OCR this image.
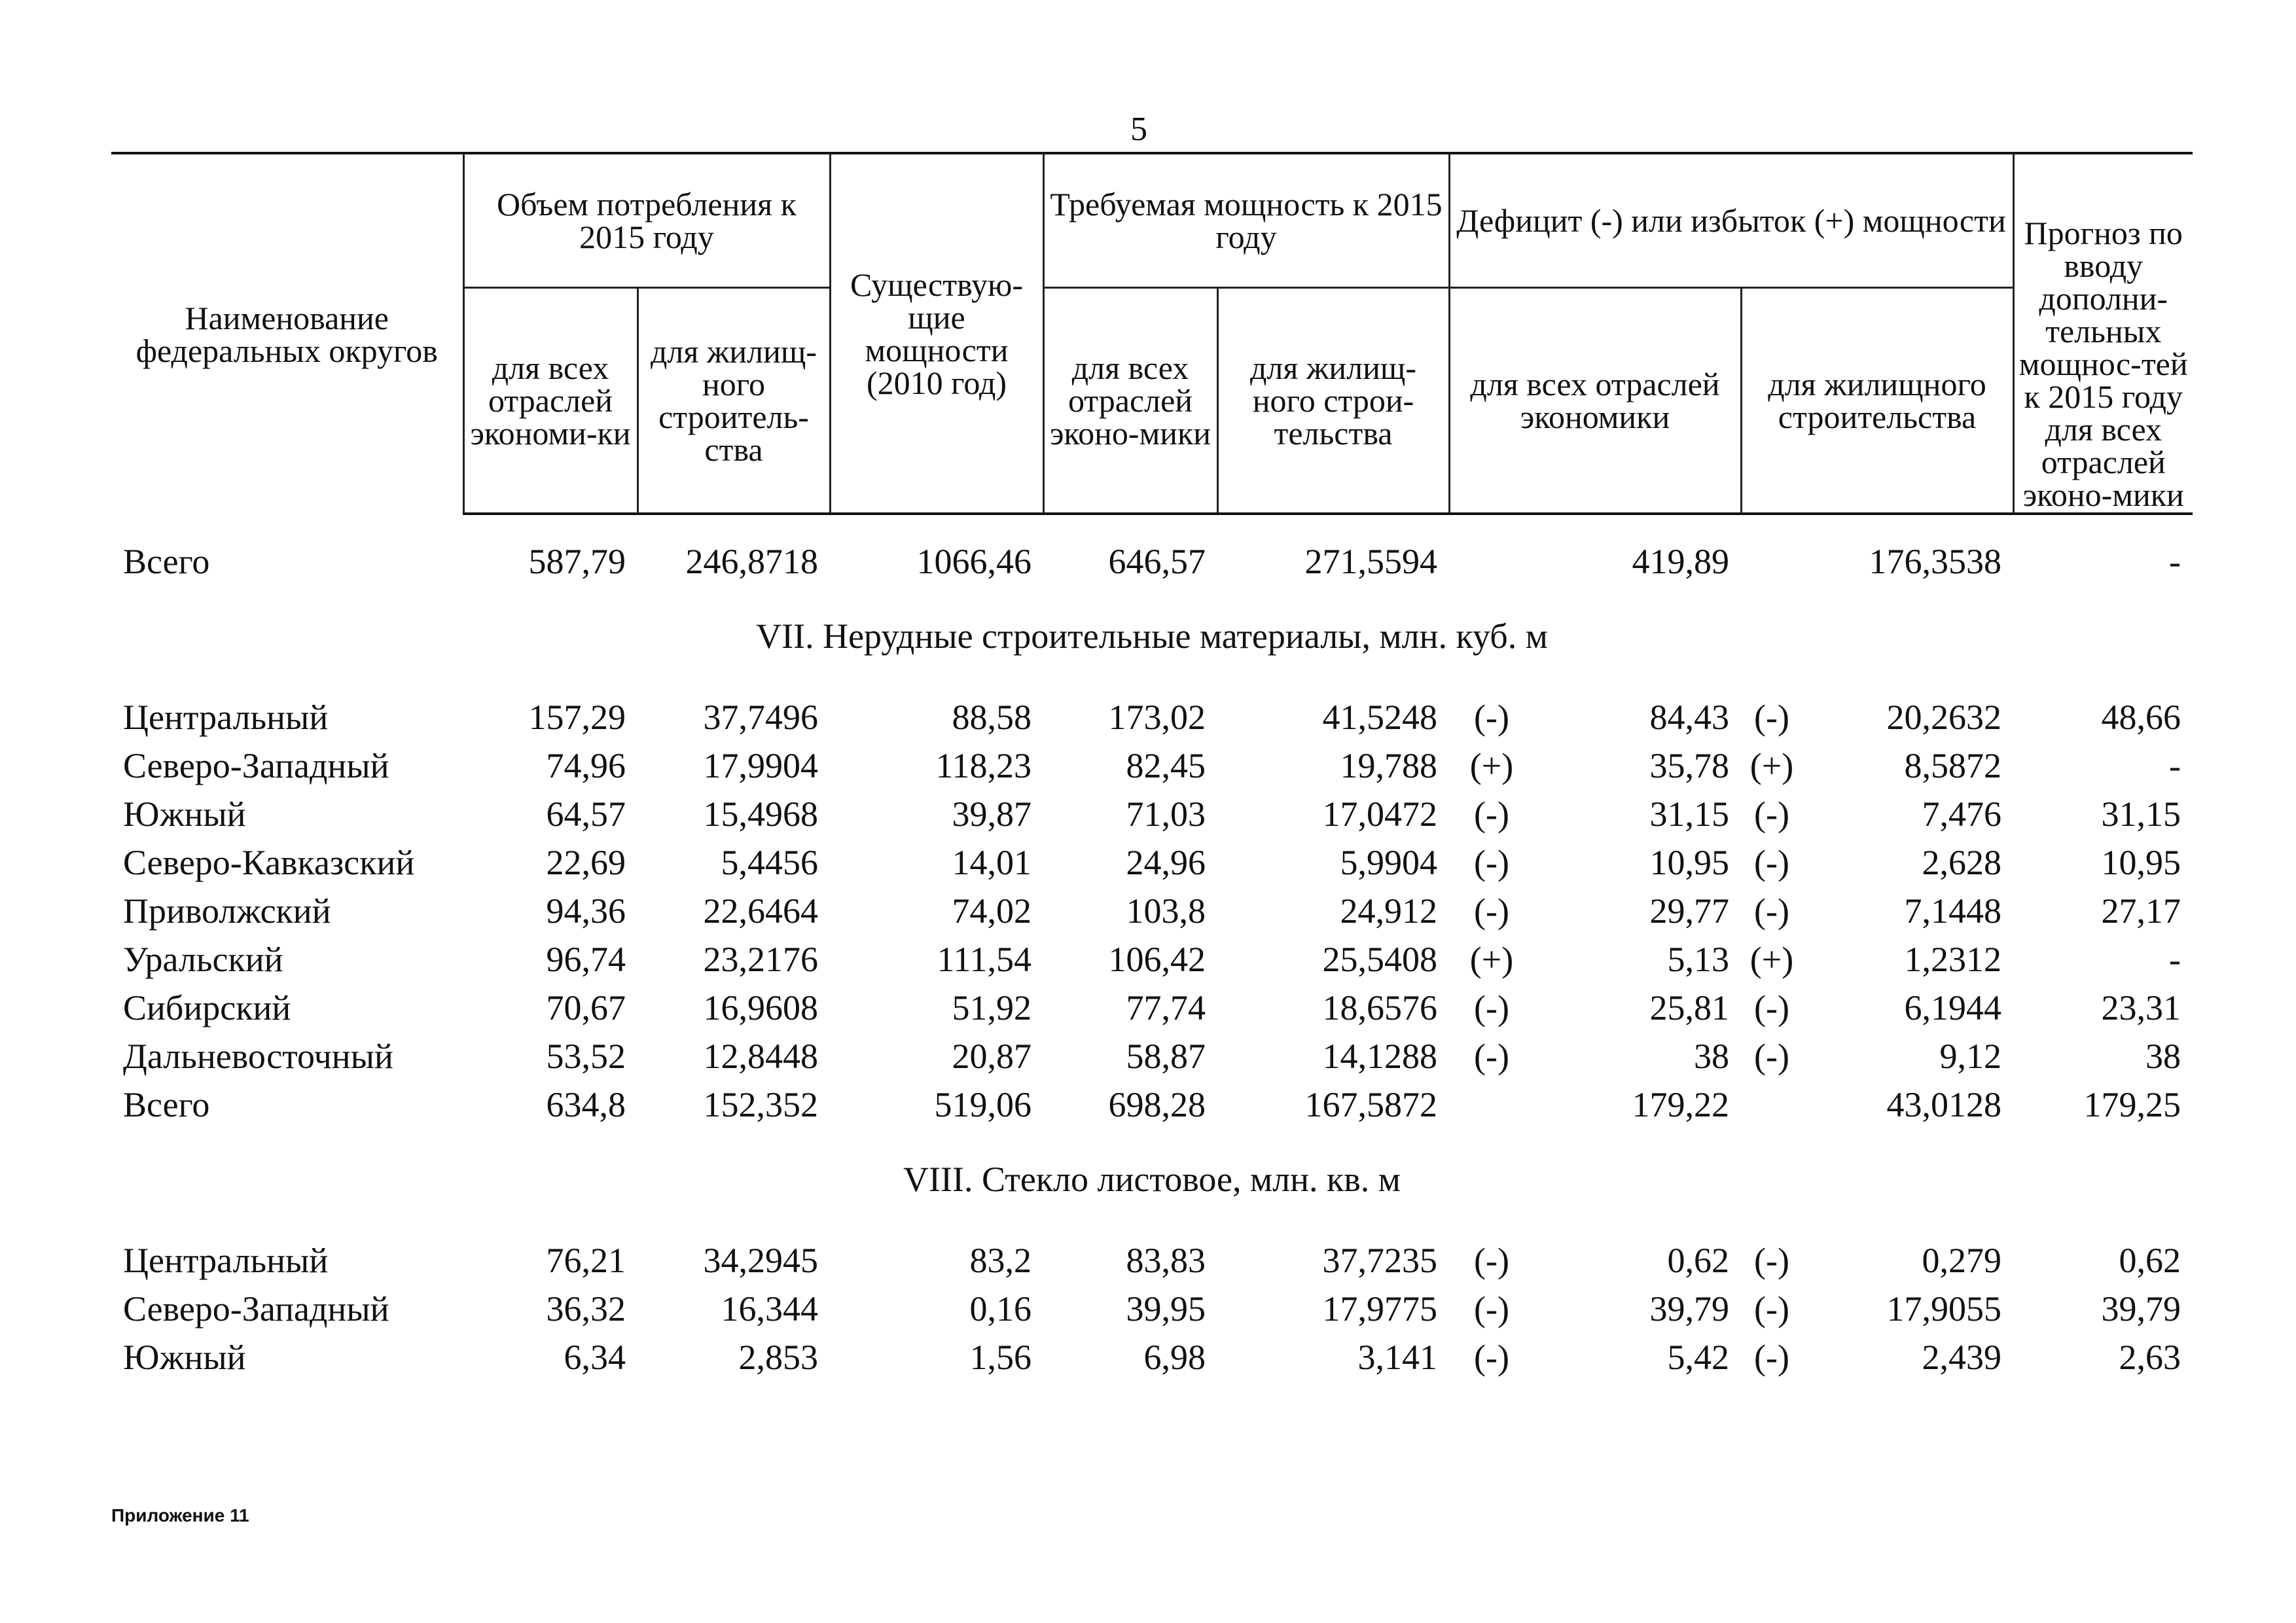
5
Наименование федеральных округов	Объем потребления к 2015 году		Существую-щие мощности (2010 год)	Требуемая мощность к 2015 году		Дефицит (-) или избыток (+) мощности				Прогноз по вводу дополни-тельных мощнос-тей к 2015 году для всех отраслей эконо-мики
	для всех отраслей экономи-ки	для жилищ-ного строитель-ства		для всех отраслей эконо-мики	для жилищ-ного строи-тельства	для всех отраслей экономики		для жилищного строительства		

Всего	587,79	246,8718	1066,46	646,57	271,5594		419,89		176,3538	-
VII. Нерудные строительные материалы, млн. куб. м										
Центральный	157,29	37,7496	88,58	173,02	41,5248	(-)	84,43	(-)	20,2632	48,66
Северо-Западный	74,96	17,9904	118,23	82,45	19,788	(+)	35,78	(+)	8,5872	-
Южный	64,57	15,4968	39,87	71,03	17,0472	(-)	31,15	(-)	7,476	31,15
Северо-Кавказский	22,69	5,4456	14,01	24,96	5,9904	(-)	10,95	(-)	2,628	10,95
Приволжский	94,36	22,6464	74,02	103,8	24,912	(-)	29,77	(-)	7,1448	27,17
Уральский	96,74	23,2176	111,54	106,42	25,5408	(+)	5,13	(+)	1,2312	-
Сибирский	70,67	16,9608	51,92	77,74	18,6576	(-)	25,81	(-)	6,1944	23,31
Дальневосточный	53,52	12,8448	20,87	58,87	14,1288	(-)	38	(-)	9,12	38
Всего	634,8	152,352	519,06	698,28	167,5872		179,22		43,0128	179,25
VIII. Стекло листовое, млн. кв. м										
Центральный	76,21	34,2945	83,2	83,83	37,7235	(-)	0,62	(-)	0,279	0,62
Северо-Западный	36,32	16,344	0,16	39,95	17,9775	(-)	39,79	(-)	17,9055	39,79
Южный	6,34	2,853	1,56	6,98	3,141	(-)	5,42	(-)	2,439	2,63
Приложение 11
